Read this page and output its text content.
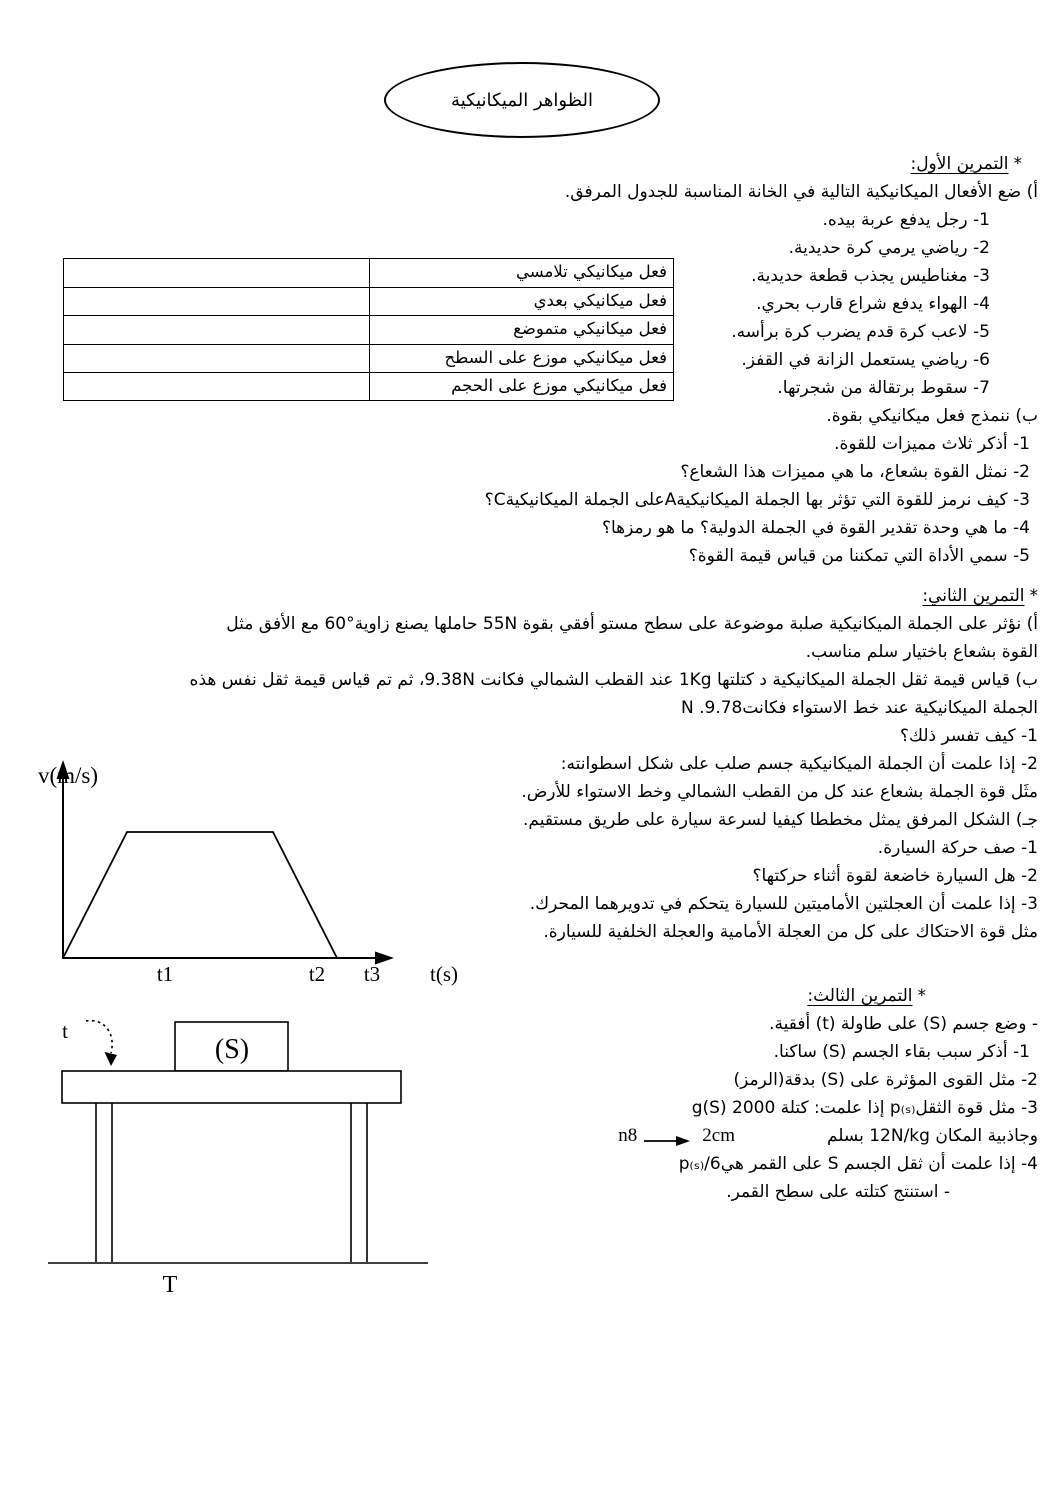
الظواهر الميكانيكية
*التمرين الأول:
أ) ضع الأفعال الميكانيكية التالية في الخانة المناسبة للجدول المرفق.
1- رجل يدفع عربة بيده.
2- رياضي يرمي كرة حديدية.
3- مغناطيس يجذب قطعة حديدية.
4- الهواء يدفع شراع قارب بحري.
5- لاعب كرة قدم يضرب كرة برأسه.
6- رياضي يستعمل الزانة في القفز.
7- سقوط برتقالة من شجرتها.
ب) ننمذج فعل ميكانيكي بقوة.
1- أذكر ثلاث مميزات للقوة.
2- نمثل القوة بشعاع، ما هي مميزات هذا الشعاع؟
3- كيف نرمز للقوة التي تؤثر بها الجملة الميكانيكيةAعلى الجملة الميكانيكيةC؟
4- ما هي وحدة تقدير القوة في الجملة الدولية؟ ما هو رمزها؟
5- سمي الأداة التي تمكننا من قياس قيمة القوة؟
فعل ميكانيكي تلامسي
فعل ميكانيكي بعدي
فعل ميكانيكي متموضع
فعل ميكانيكي موزع على السطح
فعل ميكانيكي موزع على الحجم
*التمرين الثاني:
أ) نؤثر على الجملة الميكانيكية صلبة موضوعة على سطح مستو أفقي بقوة 55N حاملها يصنع زاوية°60 مع الأفق مثل
القوة بشعاع باختيار سلم مناسب.
ب) قياس قيمة ثقل الجملة الميكانيكية د كتلتها 1Kg عند القطب الشمالي فكانت 9.38N، ثم تم قياس قيمة ثقل نفس هذه
الجملة الميكانيكية عند خط الاستواء فكانت9.78. N
1- كيف تفسر ذلك؟
2- إذا علمت أن الجملة الميكانيكية جسم صلب على شكل اسطوانته:
مثَل قوة الجملة بشعاع عند كل من القطب الشمالي وخط الاستواء للأرض.
جـ) الشكل المرفق يمثل مخططا كيفيا لسرعة سيارة على طريق مستقيم.
1- صف حركة السيارة.
2- هل السيارة خاضعة لقوة أثناء حركتها؟
3- إذا علمت أن العجلتين الأماميتين للسيارة يتحكم في تدويرهما المحرك.
مثل قوة الاحتكاك على كل من العجلة الأمامية والعجلة الخلفية للسيارة.
v(m/s)
t1	t2 t3 t(s)
*التمرين الثالث:
- وضع جسم (S) على طاولة (t) أفقية.
1- أذكر سبب بقاء الجسم (S) ساكنا.
2- مثل القوى المؤثرة على (S) بدقة(الرمز)
3- مثل قوة الثقلp₍ₛ₎ إذا علمت: كتلة 2000 g(S)
وجاذبية المكان 12N/kg بسلم
n8	2cm
4- إذا علمت أن ثقل الجسم S على القمر هيp₍ₛ₎/6
- استنتج كتلته على سطح القمر.
t
(S)
T
